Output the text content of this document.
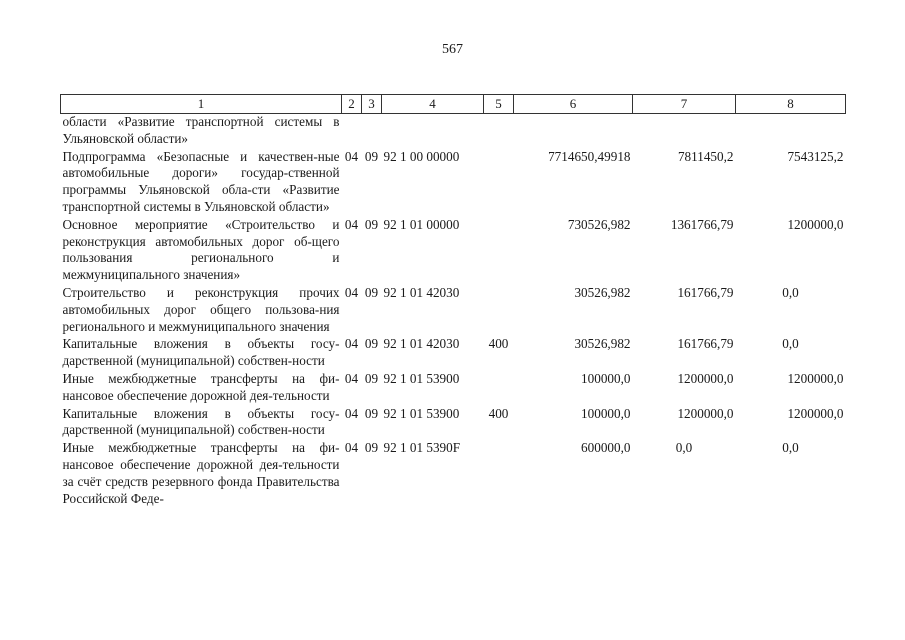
567
1	2	3	4	5	6	7	8
области «Развитие транспортной системы в Ульяновской области»							
Подпрограмма «Безопасные и качествен-ные автомобильные дороги» государ-ственной программы Ульяновской обла-сти «Развитие транспортной системы в Ульяновской области»	04	09	92 1 00 00000		7714650,49918	7811450,2	7543125,2
Основное мероприятие «Строительство и реконструкция автомобильных дорог об-щего пользования регионального и межмуниципального значения»	04	09	92 1 01 00000		730526,982	1361766,79	1200000,0
Строительство и реконструкция прочих автомобильных дорог общего пользова-ния регионального и межмуниципального значения	04	09	92 1 01 42030		30526,982	161766,79	0,0
Капитальные вложения в объекты госу-дарственной (муниципальной) собствен-ности	04	09	92 1 01 42030	400	30526,982	161766,79	0,0
Иные межбюджетные трансферты на фи-нансовое обеспечение дорожной дея-тельности	04	09	92 1 01 53900		100000,0	1200000,0	1200000,0
Капитальные вложения в объекты госу-дарственной (муниципальной) собствен-ности	04	09	92 1 01 53900	400	100000,0	1200000,0	1200000,0
Иные межбюджетные трансферты на фи-нансовое обеспечение дорожной дея-тельности за счёт средств резервного фонда Правительства Российской Феде-	04	09	92 1 01 5390F		600000,0	0,0	0,0
